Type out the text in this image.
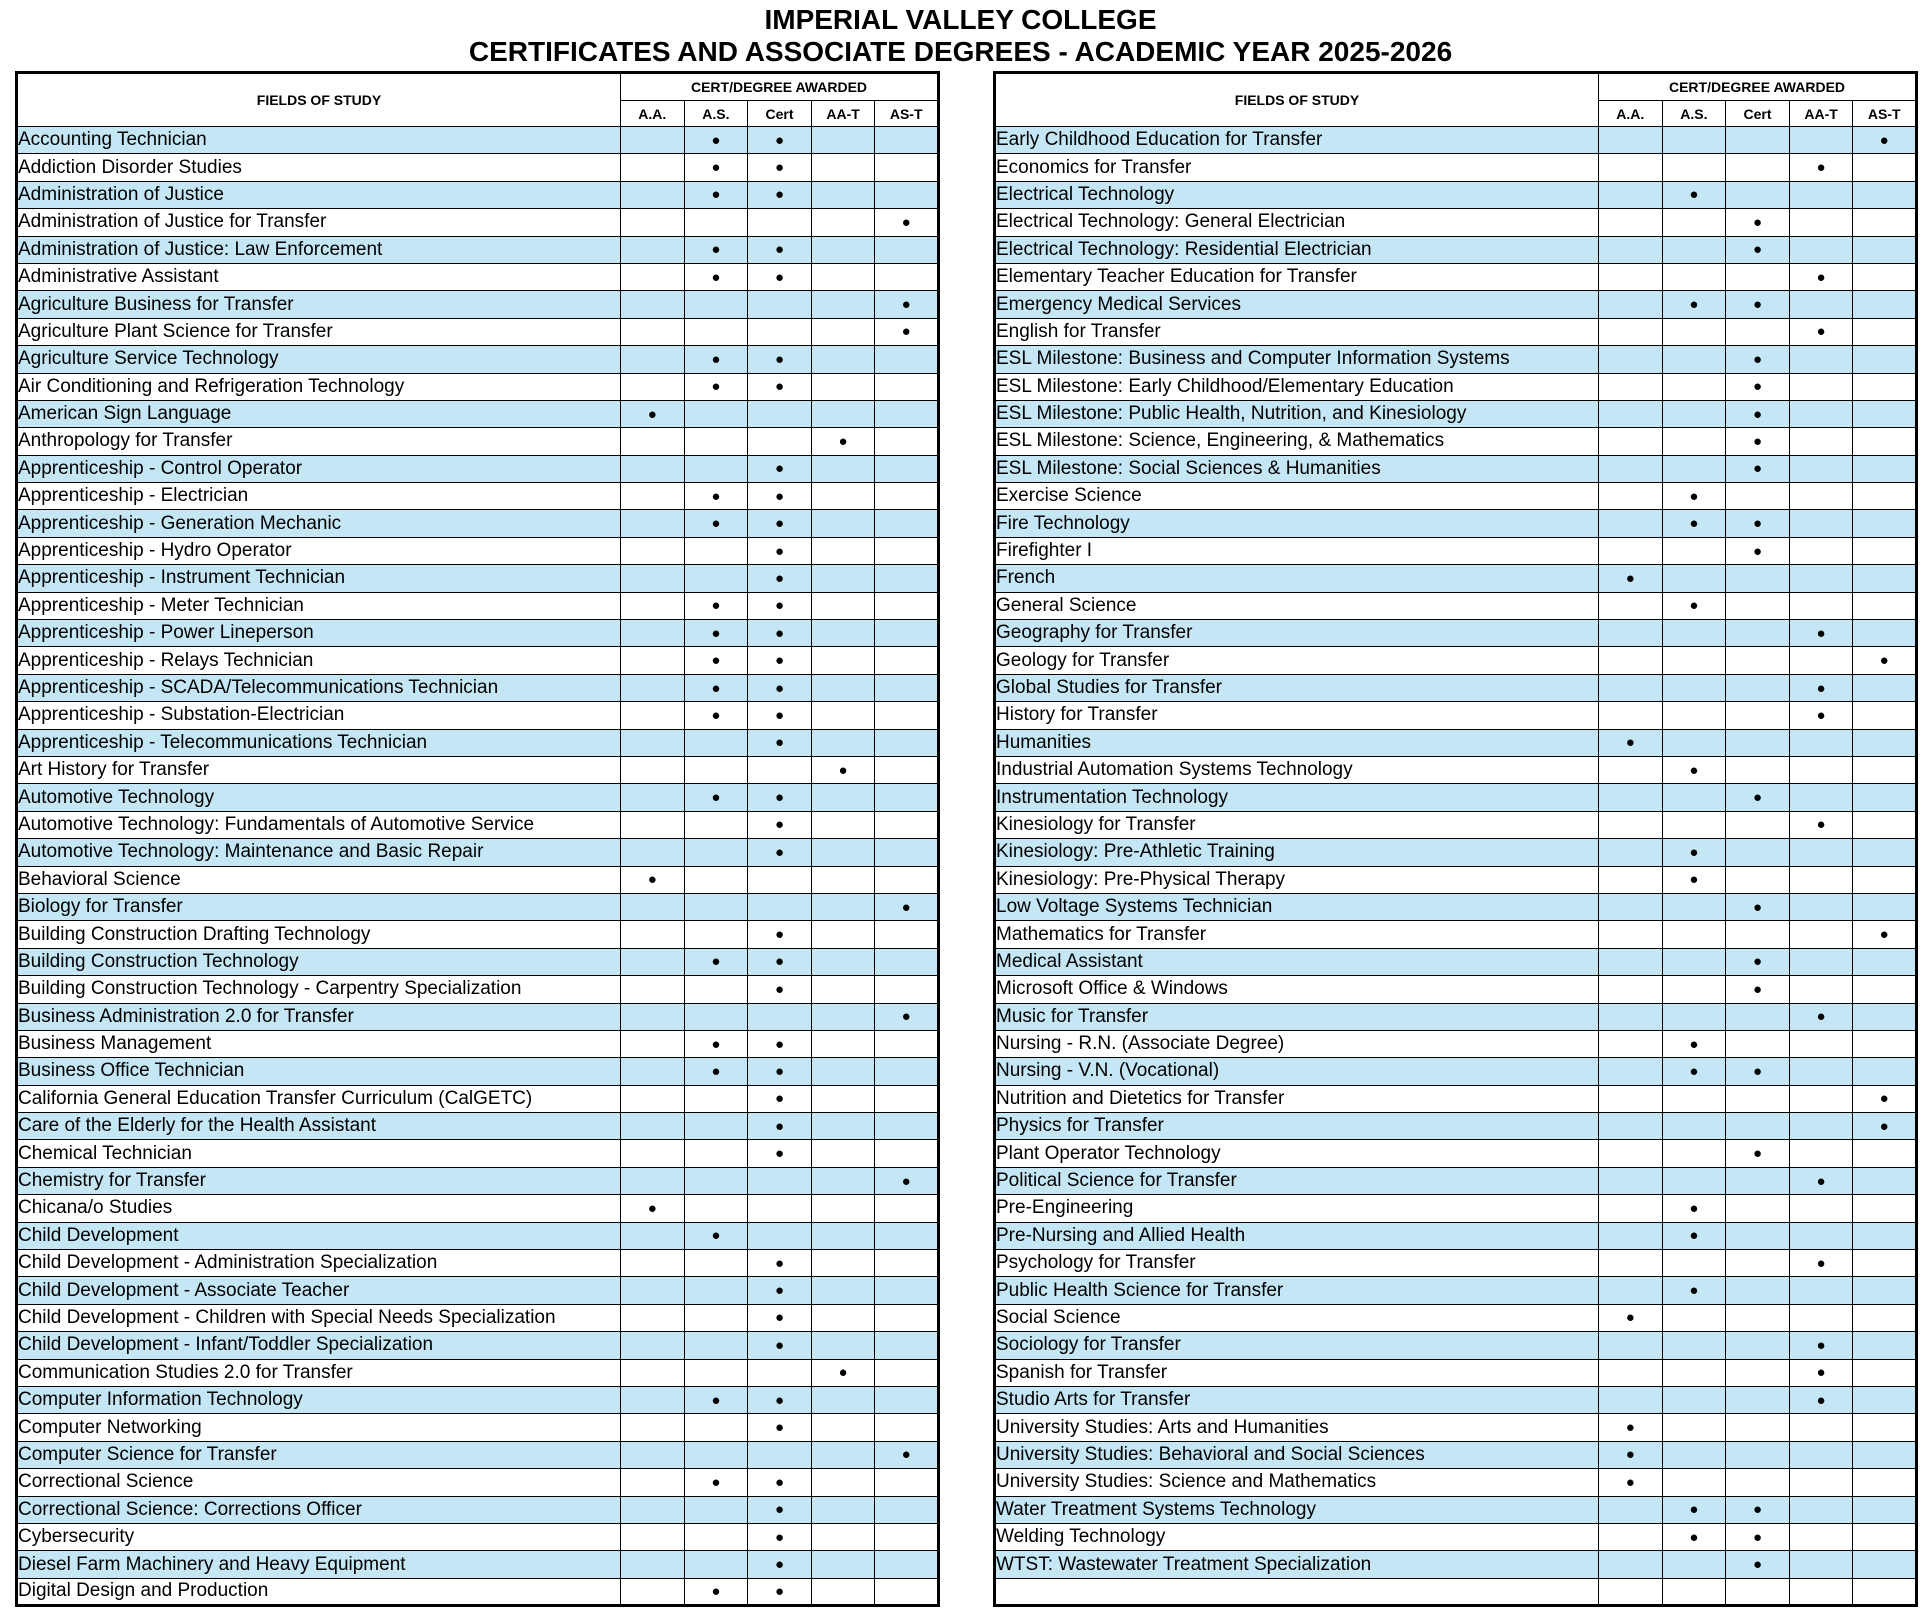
IMPERIAL VALLEY COLLEGE
CERTIFICATES AND ASSOCIATE DEGREES - ACADEMIC YEAR 2025-2026
FIELDS OF STUDY	CERT/DEGREE AWARDED				
	A.A.	A.S.	Cert	AA-T	AS-T
Accounting Technician		●	●		
Addiction Disorder Studies		●	●		
Administration of Justice		●	●		
Administration of Justice for Transfer					●
Administration of Justice: Law Enforcement		●	●		
Administrative Assistant		●	●		
Agriculture Business for Transfer					●
Agriculture Plant Science for Transfer					●
Agriculture Service Technology		●	●		
Air Conditioning and Refrigeration Technology		●	●		
American Sign Language	●				
Anthropology for Transfer				●	
Apprenticeship - Control Operator			●		
Apprenticeship - Electrician		●	●		
Apprenticeship - Generation Mechanic		●	●		
Apprenticeship - Hydro Operator			●		
Apprenticeship - Instrument Technician			●		
Apprenticeship - Meter Technician		●	●		
Apprenticeship - Power Lineperson		●	●		
Apprenticeship - Relays Technician		●	●		
Apprenticeship - SCADA/Telecommunications Technician		●	●		
Apprenticeship - Substation-Electrician		●	●		
Apprenticeship - Telecommunications Technician			●		
Art History for Transfer				●	
Automotive Technology		●	●		
Automotive Technology: Fundamentals of Automotive Service			●		
Automotive Technology: Maintenance and Basic Repair			●		
Behavioral Science	●				
Biology for Transfer					●
Building Construction Drafting Technology			●		
Building Construction Technology		●	●		
Building Construction Technology - Carpentry Specialization			●		
Business Administration 2.0 for Transfer					●
Business Management		●	●		
Business Office Technician		●	●		
California General Education Transfer Curriculum (CalGETC)			●		
Care of the Elderly for the Health Assistant			●		
Chemical Technician			●		
Chemistry for Transfer					●
Chicana/o Studies	●				
Child Development		●			
Child Development - Administration Specialization			●		
Child Development - Associate Teacher			●		
Child Development - Children with Special Needs Specialization			●		
Child Development - Infant/Toddler Specialization			●		
Communication Studies 2.0 for Transfer				●	
Computer Information Technology		●	●		
Computer Networking			●		
Computer Science for Transfer					●
Correctional Science		●	●		
Correctional Science: Corrections Officer			●		
Cybersecurity			●		
Diesel Farm Machinery and Heavy Equipment			●		
Digital Design and Production		●	●		
FIELDS OF STUDY	CERT/DEGREE AWARDED				
	A.A.	A.S.	Cert	AA-T	AS-T
Early Childhood Education for Transfer					●
Economics for Transfer				●	
Electrical Technology		●			
Electrical Technology: General Electrician			●		
Electrical Technology: Residential Electrician			●		
Elementary Teacher Education for Transfer				●	
Emergency Medical Services		●	●		
English for Transfer				●	
ESL Milestone: Business and Computer Information Systems			●		
ESL Milestone: Early Childhood/Elementary Education			●		
ESL Milestone: Public Health, Nutrition, and Kinesiology			●		
ESL Milestone: Science, Engineering, & Mathematics			●		
ESL Milestone: Social Sciences & Humanities			●		
Exercise Science		●			
Fire Technology		●	●		
Firefighter I			●		
French	●				
General Science		●			
Geography for Transfer				●	
Geology for Transfer					●
Global Studies for Transfer				●	
History for Transfer				●	
Humanities	●				
Industrial Automation Systems Technology		●			
Instrumentation Technology			●		
Kinesiology for Transfer				●	
Kinesiology: Pre-Athletic Training		●			
Kinesiology: Pre-Physical Therapy		●			
Low Voltage Systems Technician			●		
Mathematics for Transfer					●
Medical Assistant			●		
Microsoft Office & Windows			●		
Music for Transfer				●	
Nursing - R.N. (Associate Degree)		●			
Nursing - V.N. (Vocational)		●	●		
Nutrition and Dietetics for Transfer					●
Physics for Transfer					●
Plant Operator Technology			●		
Political Science for Transfer				●	
Pre-Engineering		●			
Pre-Nursing and Allied Health		●			
Psychology for Transfer				●	
Public Health Science for Transfer		●			
Social Science	●				
Sociology for Transfer				●	
Spanish for Transfer				●	
Studio Arts for Transfer				●	
University Studies: Arts and Humanities	●				
University Studies: Behavioral and Social Sciences	●				
University Studies: Science and Mathematics	●				
Water Treatment Systems Technology		●	●		
Welding Technology		●	●		
WTST: Wastewater Treatment Specialization			●		
